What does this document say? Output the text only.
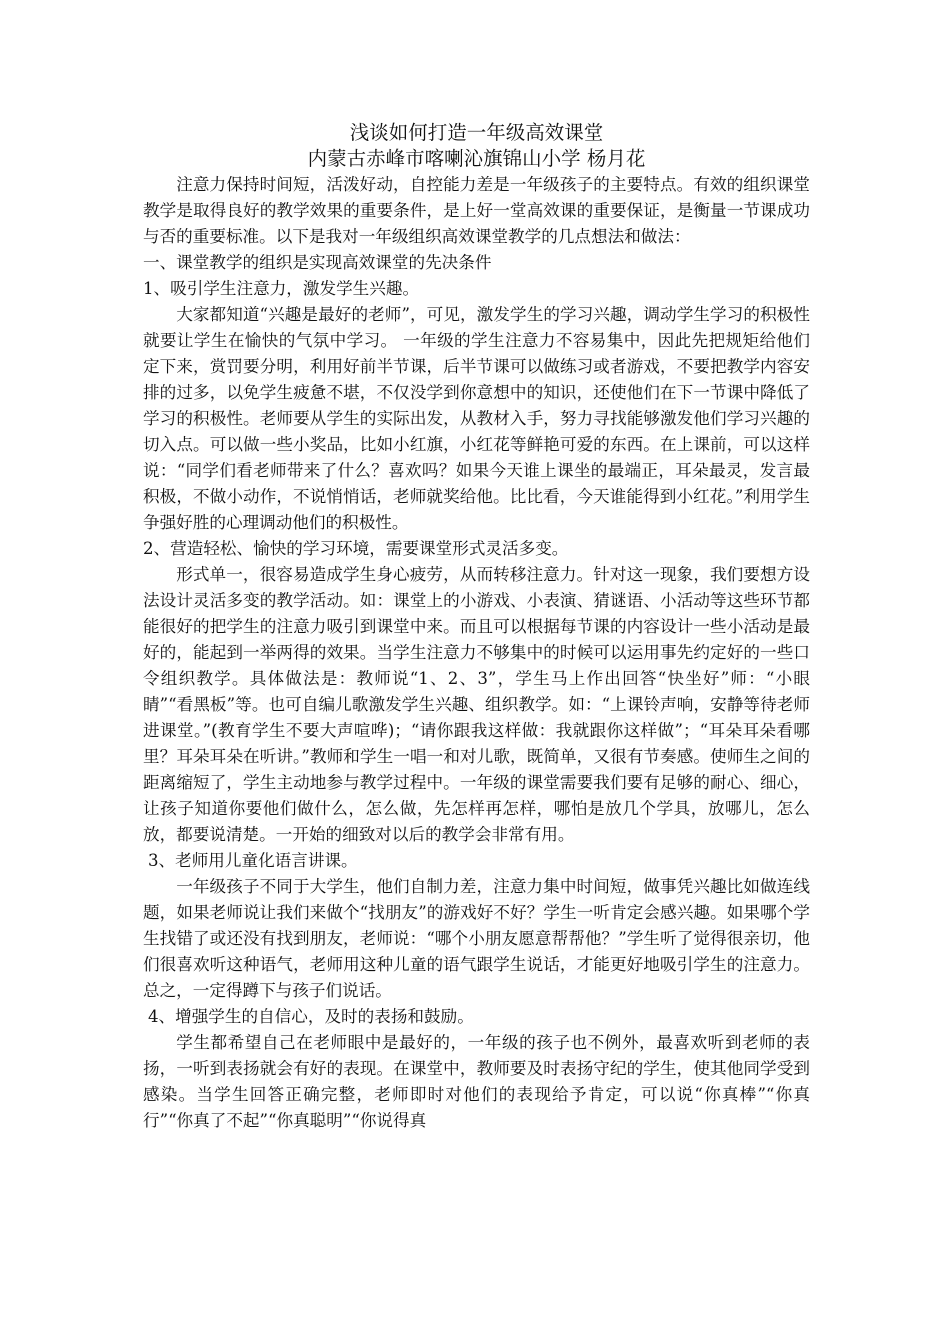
浅谈如何打造一年级高效课堂

内蒙古赤峰市喀喇沁旗锦山小学 杨月花

注意力保持时间短，活泼好动，自控能力差是一年级孩子的主要特点。有效的组织课堂教学是取得良好的教学效果的重要条件，是上好一堂高效课的重要保证，是衡量一节课成功与否的重要标准。以下是我对一年级组织高效课堂教学的几点想法和做法：

一、课堂教学的组织是实现高效课堂的先决条件

1、吸引学生注意力，激发学生兴趣。

大家都知道“兴趣是最好的老师”，可见，激发学生的学习兴趣，调动学生学习的积极性就要让学生在愉快的气氛中学习。 一年级的学生注意力不容易集中，因此先把规矩给他们定下来，赏罚要分明，利用好前半节课，后半节课可以做练习或者游戏，不要把教学内容安排的过多，以免学生疲惫不堪，不仅没学到你意想中的知识，还使他们在下一节课中降低了学习的积极性。老师要从学生的实际出发，从教材入手，努力寻找能够激发他们学习兴趣的切入点。可以做一些小奖品，比如小红旗，小红花等鲜艳可爱的东西。在上课前，可以这样说：“同学们看老师带来了什么？喜欢吗？如果今天谁上课坐的最端正，耳朵最灵，发言最积极，不做小动作，不说悄悄话，老师就奖给他。比比看，今天谁能得到小红花。”利用学生争强好胜的心理调动他们的积极性。

2、营造轻松、愉快的学习环境，需要课堂形式灵活多变。

形式单一，很容易造成学生身心疲劳，从而转移注意力。针对这一现象，我们要想方设法设计灵活多变的教学活动。如：课堂上的小游戏、小表演、猜谜语、小活动等这些环节都能很好的把学生的注意力吸引到课堂中来。而且可以根据每节课的内容设计一些小活动是最好的，能起到一举两得的效果。当学生注意力不够集中的时候可以运用事先约定好的一些口令组织教学。具体做法是：教师说“1、2、3”，学生马上作出回答“快坐好”师：“小眼睛”“看黑板”等。也可自编儿歌激发学生兴趣、组织教学。如：“上课铃声响，安静等待老师进课堂。”(教育学生不要大声喧哗)；“请你跟我这样做：我就跟你这样做”；“耳朵耳朵看哪里？耳朵耳朵在听讲。”教师和学生一唱一和对儿歌，既简单，又很有节奏感。使师生之间的距离缩短了，学生主动地参与教学过程中。一年级的课堂需要我们要有足够的耐心、细心，让孩子知道你要他们做什么，怎么做，先怎样再怎样，哪怕是放几个学具，放哪儿，怎么放，都要说清楚。一开始的细致对以后的教学会非常有用。

3、老师用儿童化语言讲课。

一年级孩子不同于大学生，他们自制力差，注意力集中时间短，做事凭兴趣比如做连线题，如果老师说让我们来做个“找朋友”的游戏好不好？学生一听肯定会感兴趣。如果哪个学生找错了或还没有找到朋友，老师说：“哪个小朋友愿意帮帮他？”学生听了觉得很亲切，他们很喜欢听这种语气，老师用这种儿童的语气跟学生说话，才能更好地吸引学生的注意力。总之，一定得蹲下与孩子们说话。

4、增强学生的自信心，及时的表扬和鼓励。

学生都希望自己在老师眼中是最好的，一年级的孩子也不例外，最喜欢听到老师的表扬，一听到表扬就会有好的表现。在课堂中，教师要及时表扬守纪的学生，使其他同学受到感染。当学生回答正确完整，老师即时对他们的表现给予肯定，可以说“你真棒”“你真行”“你真了不起”“你真聪明”“你说得真
